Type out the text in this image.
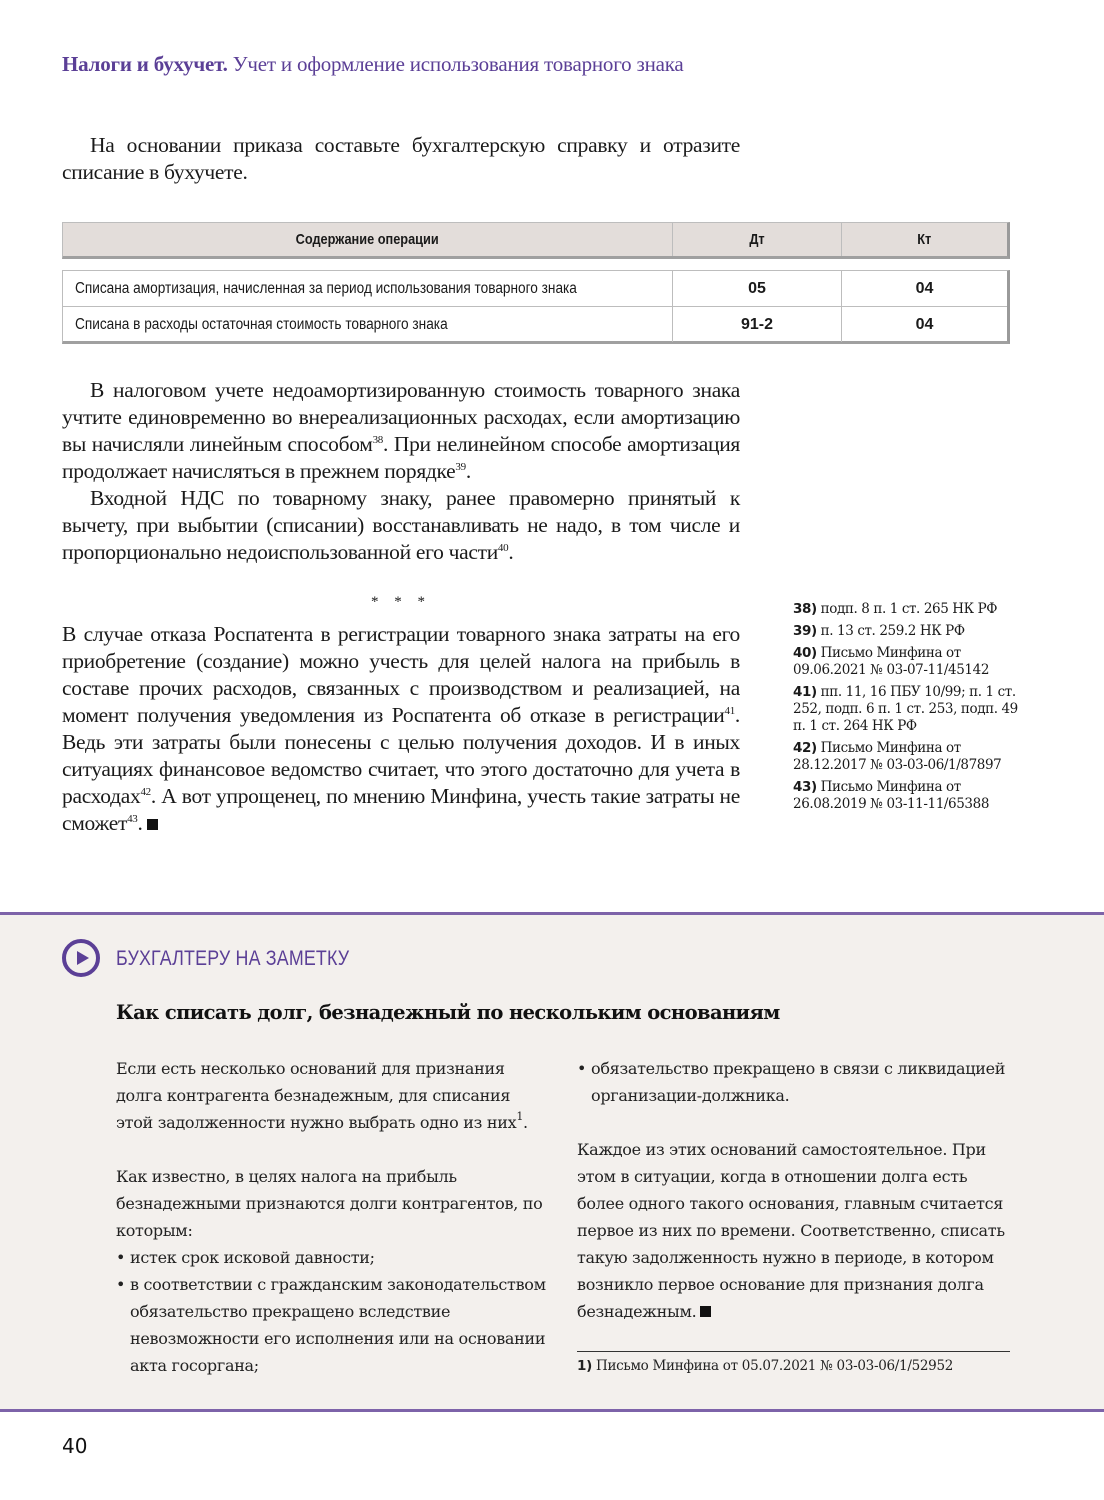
Налоги и бухучет. Учет и оформление использования товарного знака

На основании приказа составьте бухгалтерскую справку и отразите списание в бухучете.

Содержание операции	Дт	Кт
Списана амортизация, начисленная за период использования товарного знака	05	04
Списана в расходы остаточная стоимость товарного знака	91-2	04

В налоговом учете недоамортизированную стоимость товарного знака учтите единовременно во внереализационных расходах, если амортизацию вы начисляли линейным способом$^{38}$. При нелинейном способе амортизация продолжает начисляться в прежнем порядке$^{39}$.

Входной НДС по товарному знаку, ранее правомерно принятый к вычету, при выбытии (списании) восстанавливать не надо, в том числе и пропорционально недоиспользованной его части$^{40}$.

* * *

В случае отказа Роспатента в регистрации товарного знака затраты на его приобретение (создание) можно учесть для целей налога на прибыль в составе прочих расходов, связанных с производством и реализацией, на момент получения уведомления из Роспатента об отказе в регистрации$^{41}$. Ведь эти затраты были понесены с целью получения доходов. И в иных ситуациях финансовое ведомство считает, что этого достаточно для учета в расходах$^{42}$. А вот упрощенец, по мнению Минфина, учесть такие затраты не сможет$^{43}$.

38) подп. 8 п. 1 ст. 265 НК РФ
39) п. 13 ст. 259.2 НК РФ
40) Письмо Минфина от 09.06.2021 № 03-07-11/45142
41) пп. 11, 16 ПБУ 10/99; п. 1 ст. 252, подп. 6 п. 1 ст. 253, подп. 49 п. 1 ст. 264 НК РФ
42) Письмо Минфина от 28.12.2017 № 03-03-06/1/87897
43) Письмо Минфина от 26.08.2019 № 03-11-11/65388
БУХГАЛТЕРУ НА ЗАМЕТКУ
Как списать долг, безнадежный по нескольким основаниям

Если есть несколько оснований для признания долга контрагента безнадежным, для списания этой задолженности нужно выбрать одно из них$^1$.

Как известно, в целях налога на прибыль безнадежными признаются долги контрагентов, по которым:

• истек срок исковой давности;
• в соответствии с гражданским законодательством обязательство прекращено вследствие невозможности его исполнения или на основании акта госоргана;
• обязательство прекращено в связи с ликвидацией организации-должника.

Каждое из этих оснований самостоятельное. При этом в ситуации, когда в отношении долга есть более одного такого основания, главным считается первое из них по времени. Соответственно, списать такую задолженность нужно в периоде, в котором возникло первое основание для признания долга безнадежным.

1) Письмо Минфина от 05.07.2021 № 03-03-06/1/52952
40
